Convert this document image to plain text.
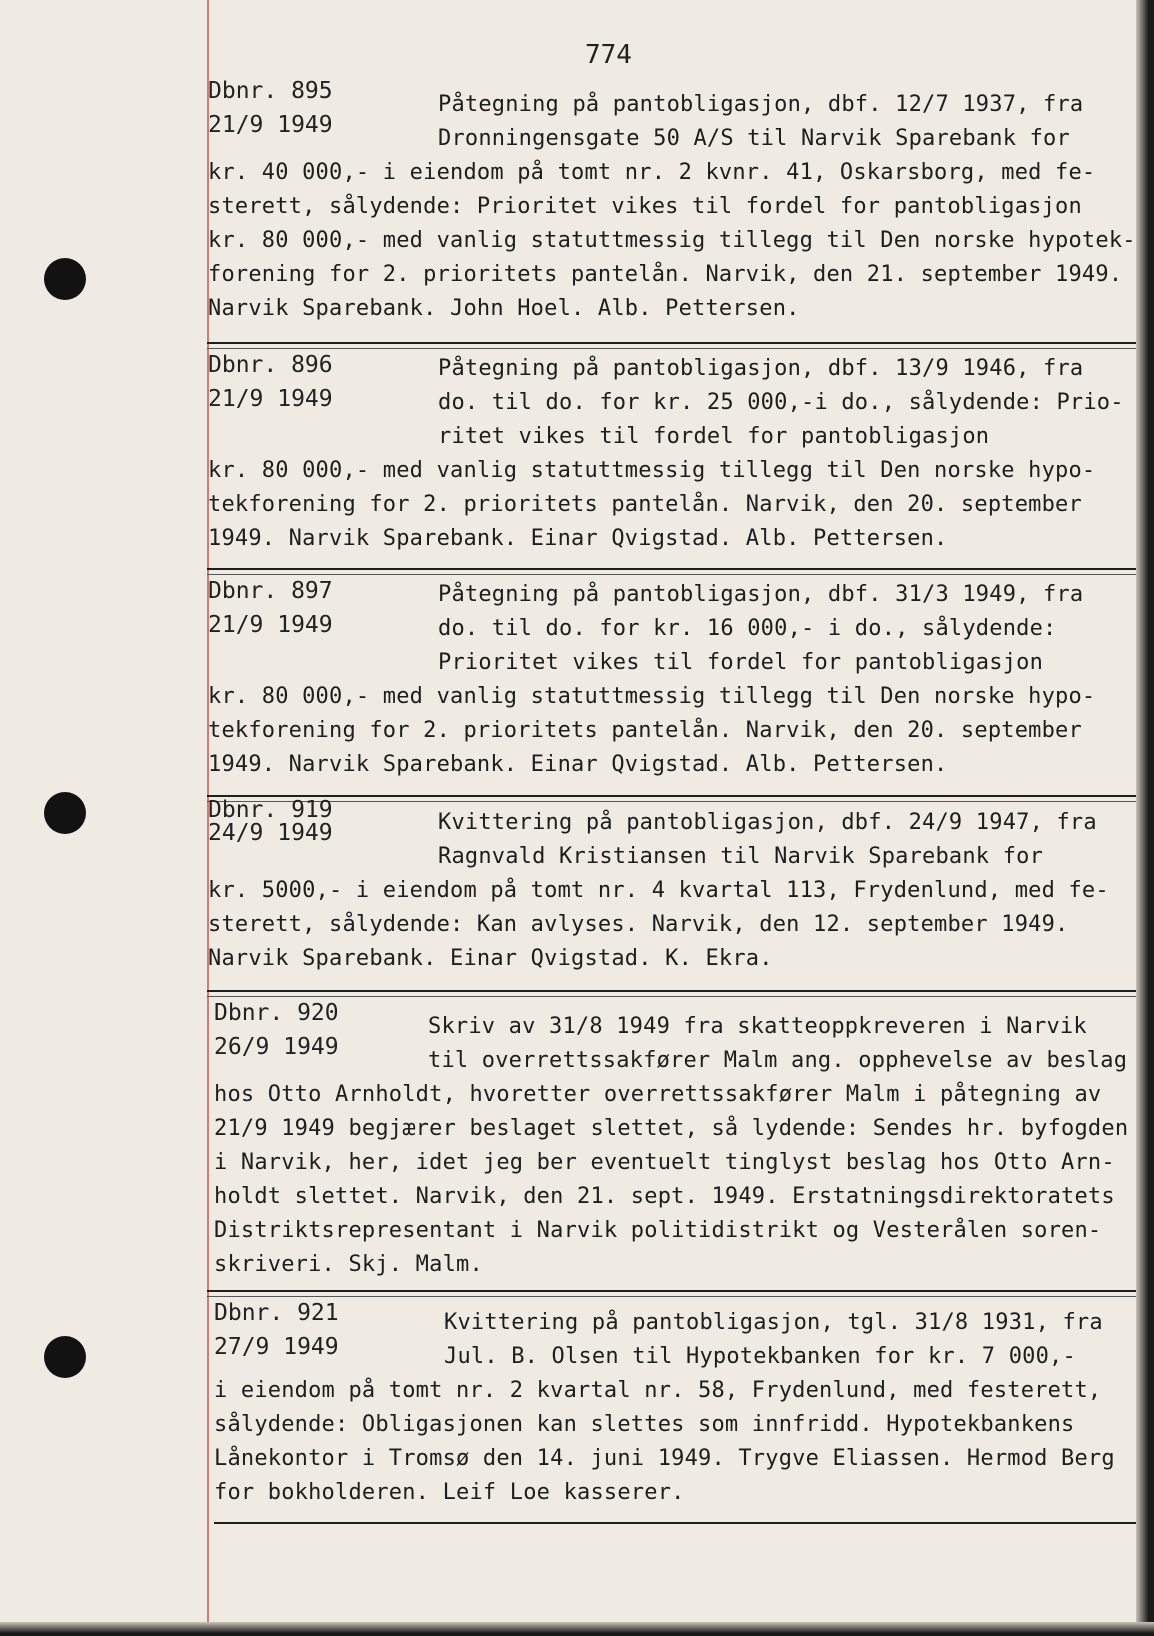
774
Dbnr. 895
21/9 1949
Påtegning på pantobligasjon, dbf. 12/7 1937, fra
Dronningensgate 50 A/S til Narvik Sparebank for
kr. 40 000,- i eiendom på tomt nr. 2 kvnr. 41, Oskarsborg, med fe-
sterett, sålydende: Prioritet vikes til fordel for pantobligasjon
kr. 80 000,- med vanlig statuttmessig tillegg til Den norske hypotek-
forening for 2. prioritets pantelån. Narvik, den 21. september 1949.
Narvik Sparebank. John Hoel. Alb. Pettersen.
Dbnr. 896
21/9 1949
Påtegning på pantobligasjon, dbf. 13/9 1946, fra
do. til do. for kr. 25 000,-i do., sålydende: Prio-
ritet vikes til fordel for pantobligasjon
kr. 80 000,- med vanlig statuttmessig tillegg til Den norske hypo-
tekforening for 2. prioritets pantelån. Narvik, den 20. september
1949. Narvik Sparebank. Einar Qvigstad. Alb. Pettersen.
Dbnr. 897
21/9 1949
Påtegning på pantobligasjon, dbf. 31/3 1949, fra
do. til do. for kr. 16 000,- i do., sålydende:
Prioritet vikes til fordel for pantobligasjon
kr. 80 000,- med vanlig statuttmessig tillegg til Den norske hypo-
tekforening for 2. prioritets pantelån. Narvik, den 20. september
1949. Narvik Sparebank. Einar Qvigstad. Alb. Pettersen.
Dbnr. 919
24/9 1949	Kvittering på pantobligasjon, dbf. 24/9 1947, fra
Ragnvald Kristiansen til Narvik Sparebank for
kr. 5000,- i eiendom på tomt nr. 4 kvartal 113, Frydenlund, med fe-
sterett, sålydende: Kan avlyses. Narvik, den 12. september 1949.
Narvik Sparebank. Einar Qvigstad. K. Ekra.
Dbnr. 920
26/9 1949
Skriv av 31/8 1949 fra skatteoppkreveren i Narvik
til overrettssakfører Malm ang. opphevelse av beslag
hos Otto Arnholdt, hvoretter overrettssakfører Malm i påtegning av
21/9 1949 begjærer beslaget slettet, så lydende: Sendes hr. byfogden
i Narvik, her, idet jeg ber eventuelt tinglyst beslag hos Otto Arn-
holdt slettet. Narvik, den 21. sept. 1949. Erstatningsdirektoratets
Distriktsrepresentant i Narvik politidistrikt og Vesterålen soren-
skriveri. Skj. Malm.
Dbnr. 921
27/9 1949
Kvittering på pantobligasjon, tgl. 31/8 1931, fra
Jul. B. Olsen til Hypotekbanken for kr. 7 000,-
i eiendom på tomt nr. 2 kvartal nr. 58, Frydenlund, med festerett,
sålydende: Obligasjonen kan slettes som innfridd. Hypotekbankens
Lånekontor i Tromsø den 14. juni 1949. Trygve Eliassen. Hermod Berg
for bokholderen. Leif Loe kasserer.
